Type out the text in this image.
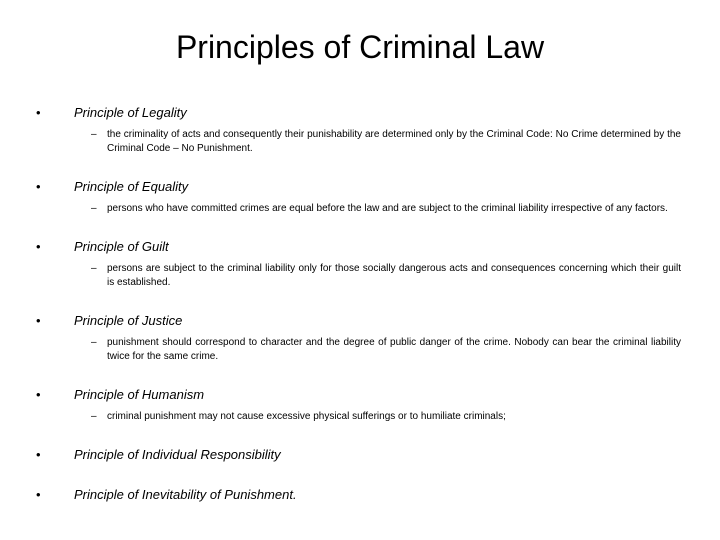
Principles of Criminal Law
•	Principle of Legality
–	the criminality of acts and consequently their punishability are determined only by the Criminal Code: No Crime determined by the Criminal Code – No Punishment.
•	Principle of Equality
–	persons who have committed crimes are equal before the law and are subject to the criminal liability irrespective of any factors.
•	Principle of Guilt
–	persons are subject to the criminal liability only for those socially dangerous acts and consequences concerning which their guilt is established.
•	Principle of Justice
–	punishment should correspond to character and the degree of public danger of the crime. Nobody can bear the criminal liability twice for the same crime.
•	Principle of Humanism
–	criminal punishment may not cause excessive physical sufferings or to humiliate criminals;
•	Principle of Individual Responsibility
•	Principle of Inevitability of Punishment.
